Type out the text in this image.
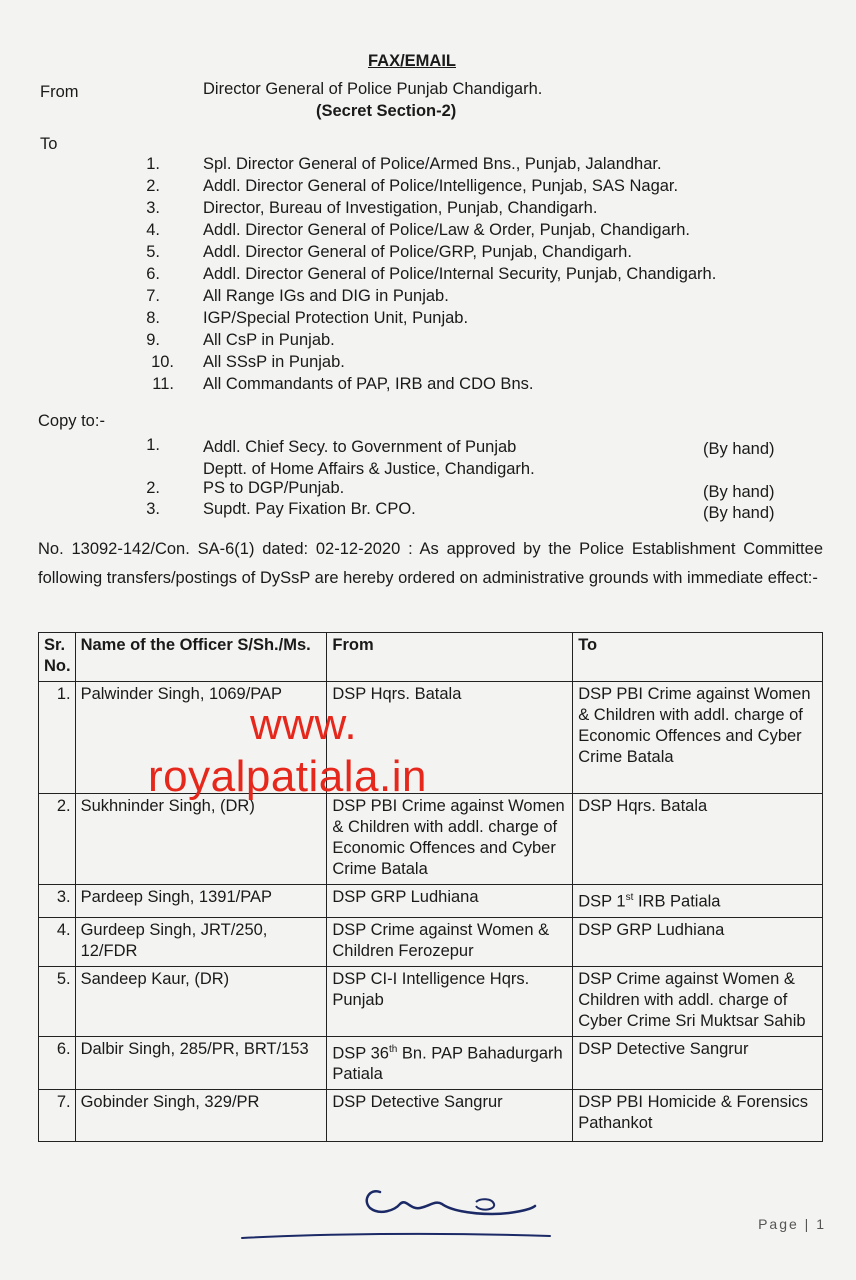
FAX/EMAIL
From	Director General of Police Punjab Chandigarh.
(Secret Section-2)
To
1.	Spl. Director General of Police/Armed Bns., Punjab, Jalandhar.
2.	Addl. Director General of Police/Intelligence, Punjab, SAS Nagar.
3.	Director, Bureau of Investigation, Punjab, Chandigarh.
4.	Addl. Director General of Police/Law & Order, Punjab, Chandigarh.
5.	Addl. Director General of Police/GRP, Punjab, Chandigarh.
6.	Addl. Director General of Police/Internal Security, Punjab, Chandigarh.
7.	All Range IGs and DIG in Punjab.
8.	IGP/Special Protection Unit, Punjab.
9.	All CsP in Punjab.
10. All SSsP in Punjab.
11. All Commandants of PAP, IRB and CDO Bns.
Copy to:-
1.	Addl. Chief Secy. to Government of Punjab
Deptt. of Home Affairs & Justice, Chandigarh.
(By hand)
2.	PS to DGP/Punjab.	(By hand)
3.	Supdt. Pay Fixation Br. CPO.	(By hand)
No. 13092-142/Con. SA-6(1) dated: 02-12-2020 : As approved by the Police Establishment Committee following transfers/postings of DySsP are hereby ordered on administrative grounds with immediate effect:-
Sr. No.	Name of the Officer S/Sh./Ms.	From	To
1.	Palwinder Singh, 1069/PAP	DSP Hqrs. Batala	DSP PBI Crime against Women & Children with addl. charge of Economic Offences and Cyber Crime Batala
2.	Sukhninder Singh, (DR)	DSP PBI Crime against Women & Children with addl. charge of Economic Offences and Cyber Crime Batala	DSP Hqrs. Batala
3.	Pardeep Singh, 1391/PAP	DSP GRP Ludhiana	DSP 1st IRB Patiala
4.	Gurdeep Singh, JRT/250, 12/FDR	DSP Crime against Women & Children Ferozepur	DSP GRP Ludhiana
5.	Sandeep Kaur, (DR)	DSP CI-I Intelligence Hqrs. Punjab	DSP Crime against Women & Children with addl. charge of Cyber Crime Sri Muktsar Sahib
6.	Dalbir Singh, 285/PR, BRT/153	DSP 36th Bn. PAP Bahadurgarh Patiala	DSP Detective Sangrur
7.	Gobinder Singh, 329/PR	DSP Detective Sangrur	DSP PBI Homicide & Forensics Pathankot
www.
royalpatiala.in
Page | 1
